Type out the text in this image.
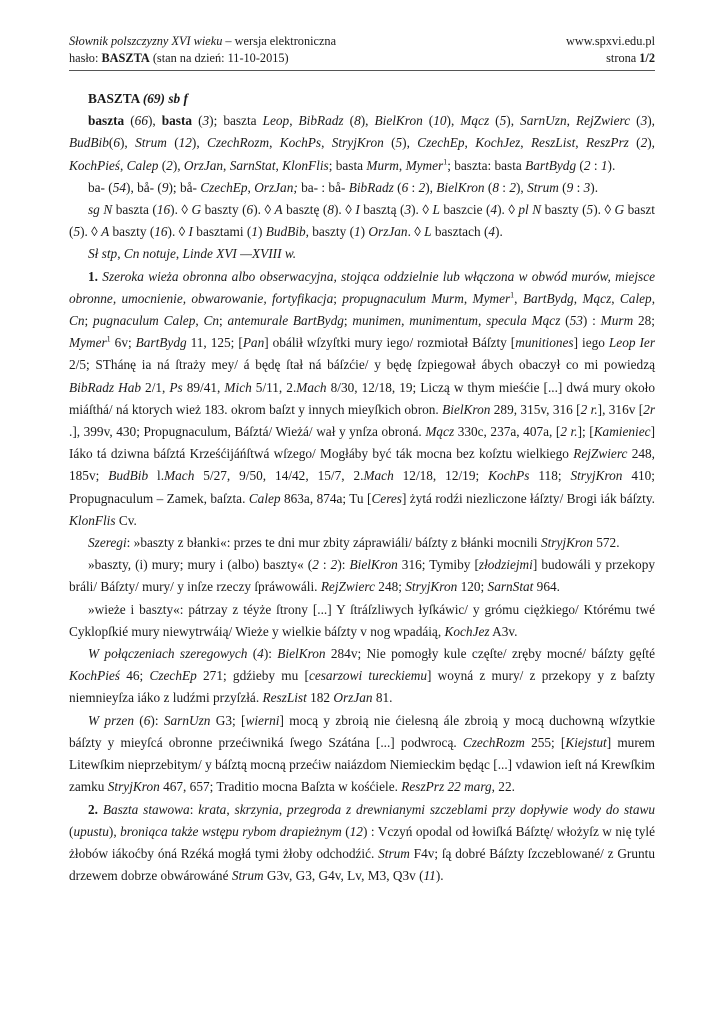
Słownik polszczyzny XVI wieku – wersja elektroniczna	www.spxvi.edu.pl
hasło: BASZTA (stan na dzień: 11-10-2015)	strona 1/2

BASZTA (69) sb f

baszta (66), basta (3); baszta Leop, BibRadz (8), BielKron (10), Mącz (5), SarnUzn, RejZwierc (3), BudBib(6), Strum (12), CzechRozm, KochPs, StryjKron (5), CzechEp, KochJez, ReszList, ReszPrz (2), KochPieś, Calep (2), OrzJan, SarnStat, KlonFlis; basta Murm, Mymer$^1$; baszta: basta BartBydg (2 : 1).

ba- (54), bå- (9); bå- CzechEp, OrzJan; ba- : bå- BibRadz (6 : 2), BielKron (8 : 2), Strum (9 : 3).

sg N baszta (16). ◊ G baszty (6). ◊ A basztę (8). ◊ I basztą (3). ◊ L baszcie (4). ◊ pl N baszty (5). ◊ G baszt (5). ◊ A baszty (16). ◊ I basztami (1) BudBib, baszty (1) OrzJan. ◊ L basztach (4).

Sł stp, Cn notuje, Linde XVI —XVIII w.

1. Szeroka wieża obronna albo obserwacyjna, stojąca oddzielnie lub włączona w obwód murów, miejsce obronne, umocnienie, obwarowanie, fortyfikacja; propugnaculum Murm, Mymer$^1$, BartBydg, Mącz, Calep, Cn; pugnaculum Calep, Cn; antemurale BartBydg; munimen, munimentum, specula Mącz (53) : Murm 28; Mymer$^1$ 6v; BartBydg 11, 125; [Pan] obálił wſzyſtki mury iego/ rozmiotał Báſzty [munitiones] iego Leop Ier 2/5; SThánę ia ná ſtraży mey/ á będę ſtał ná báſzćie/ y będę ſzpiegował ábych obaczył co mi powiedzą BibRadz Hab 2/1, Ps 89/41, Mich 5/11, 2.Mach 8/30, 12/18, 19; Liczą w thym mieśćie [...] dwá mury około miáſthá/ ná ktorych wież 183. okrom baſzt y innych mieyſkich obron. BielKron 289, 315v, 316 [2 r.], 316v [2r .], 399v, 430; Propugnaculum, Báſztá/ Wieżá/ wał y ynſza obroná. Mącz 330c, 237a, 407a, [2 r.]; [Kamieniec] Iáko tá dziwna báſztá Krześćijáńſtwá wſzego/ Mogłáby być ták mocna bez koſztu wielkiego RejZwierc 248, 185v; BudBib l.Mach 5/27, 9/50, 14/42, 15/7, 2.Mach 12/18, 12/19; KochPs 118; StryjKron 410; Propugnaculum – Zamek, baſzta. Calep 863a, 874a; Tu [Ceres] żytá rodźi niezliczone łáſzty/ Brogi iák báſzty. KlonFlis Cv.

Szeregi: »baszty z błanki«: przes te dni mur zbity záprawiáli/ báſzty z błánki mocnili StryjKron 572.

»baszty, (i) mury; mury i (albo) baszty« (2 : 2): BielKron 316; Tymiby [złodziejmi] budowáli y przekopy bráli/ Báſzty/ mury/ y inſze rzeczy ſpráwowáli. RejZwierc 248; StryjKron 120; SarnStat 964.

»wieże i baszty«: pátrzay z téyże ſtrony [...] Y ſtráſzliwych łyſkáwic/ y grómu ciężkiego/ Którému twé Cyklopſkié mury niewytrwáią/ Wieże y wielkie báſzty v nog wpadáią, KochJez A3v.

W połączeniach szeregowych (4): BielKron 284v; Nie pomogły kule częſte/ zręby mocné/ báſzty gęſté KochPieś 46; CzechEp 271; gdźieby mu [cesarzowi tureckiemu] woyná z mury/ z przekopy y z baſzty niemnieyſza iáko z ludźmi przyſzłá. ReszList 182 OrzJan 81.

W przen (6): SarnUzn G3; [wierni] mocą y zbroią nie ćielesną ále zbroią y mocą duchowną wſzytkie báſzty y mieyſcá obronne przećiwniká ſwego Szátána [...] podwrocą. CzechRozm 255; [Kiejstut] murem Litewſkim nieprzebitym/ y báſztą mocną przećiw naiázdom Niemieckim będąc [...] vdawion ieſt ná Krewſkim zamku StryjKron 467, 657; Traditio mocna Baſzta w kośćiele. ReszPrz 22 marg, 22.

2. Baszta stawowa: krata, skrzynia, przegroda z drewnianymi szczeblami przy dopływie wody do stawu (upustu), broniąca także wstępu rybom drapieżnym (12) : Vczyń opodal od łowiſká Báſztę/ włożyſz w nię tylé żłobów iákoćby óná Rzéká mogłá tymi żłoby odchodźić. Strum F4v; ſą dobré Báſzty ſzczeblowané/ z Gruntu drzewem dobrze obwárowáné Strum G3v, G3, G4v, Lv, M3, Q3v (11).
